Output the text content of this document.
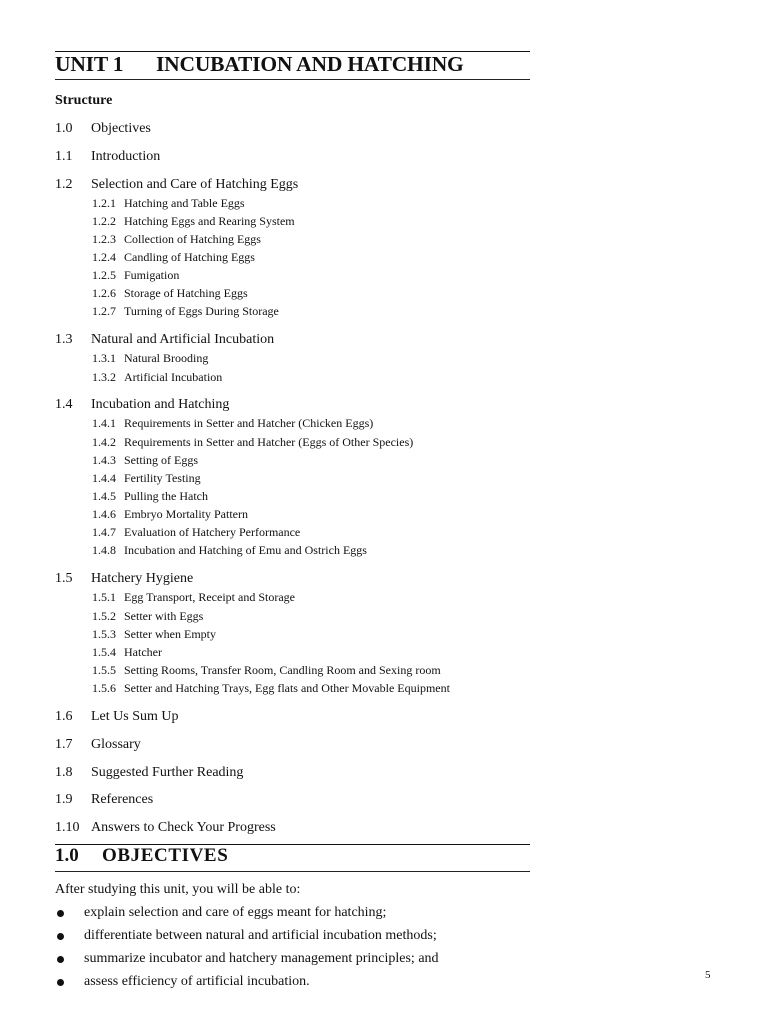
UNIT 1 INCUBATION AND HATCHING
Structure
1.0 Objectives
1.1 Introduction
1.2 Selection and Care of Hatching Eggs
1.2.1 Hatching and Table Eggs
1.2.2 Hatching Eggs and Rearing System
1.2.3 Collection of Hatching Eggs
1.2.4 Candling of Hatching Eggs
1.2.5 Fumigation
1.2.6 Storage of Hatching Eggs
1.2.7 Turning of Eggs During Storage
1.3 Natural and Artificial Incubation
1.3.1 Natural Brooding
1.3.2 Artificial Incubation
1.4 Incubation and Hatching
1.4.1 Requirements in Setter and Hatcher (Chicken Eggs)
1.4.2 Requirements in Setter and Hatcher (Eggs of Other Species)
1.4.3 Setting of Eggs
1.4.4 Fertility Testing
1.4.5 Pulling the Hatch
1.4.6 Embryo Mortality Pattern
1.4.7 Evaluation of Hatchery Performance
1.4.8 Incubation and Hatching of Emu and Ostrich Eggs
1.5 Hatchery Hygiene
1.5.1 Egg Transport, Receipt and Storage
1.5.2 Setter with Eggs
1.5.3 Setter when Empty
1.5.4 Hatcher
1.5.5 Setting Rooms, Transfer Room, Candling Room and Sexing room
1.5.6 Setter and Hatching Trays, Egg flats and Other Movable Equipment
1.6 Let Us Sum Up
1.7 Glossary
1.8 Suggested Further Reading
1.9 References
1.10 Answers to Check Your Progress
1.0 OBJECTIVES
After studying this unit, you will be able to:
explain selection and care of eggs meant for hatching;
differentiate between natural and artificial incubation methods;
summarize incubator and hatchery management principles; and
assess efficiency of artificial incubation.	5
